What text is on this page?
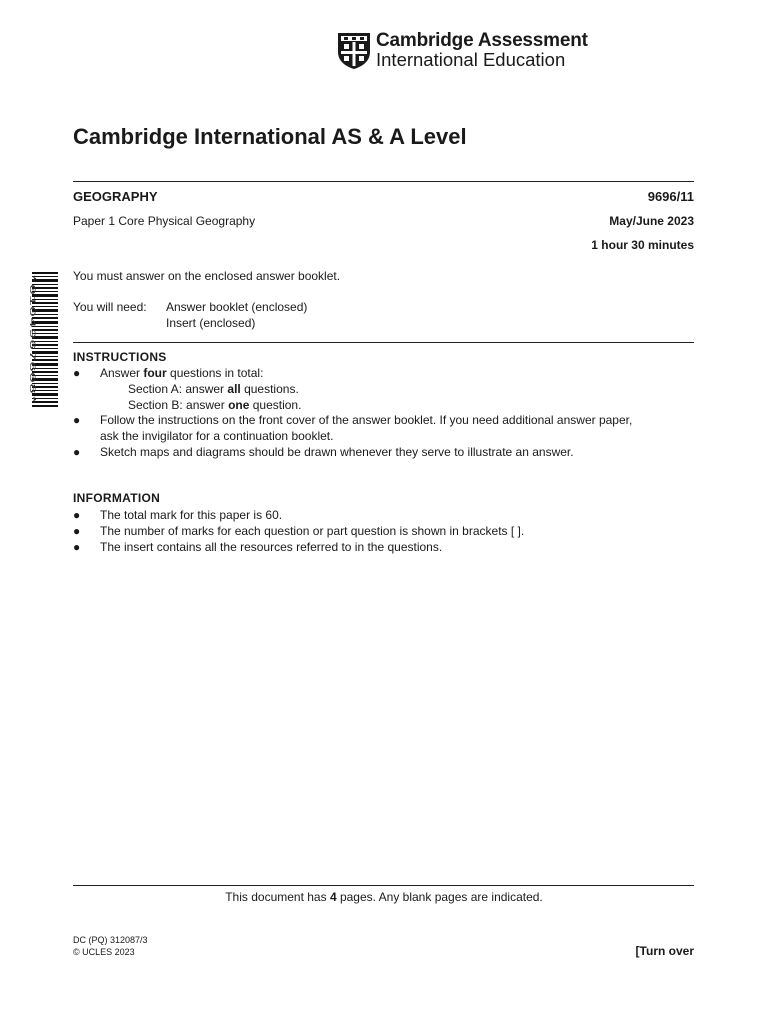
Cambridge Assessment
International Education
Cambridge International AS & A Level
GEOGRAPHY	9696/11
Paper 1 Core Physical Geography	May/June 2023
1 hour 30 minutes
*0104967608*	You must answer on the enclosed answer booklet.
You will need: Answer booklet (enclosed)
Insert (enclosed)
INSTRUCTIONS
● Answer four questions in total:
Section A: answer all questions.
Section B: answer one question.
● Follow the instructions on the front cover of the answer booklet. If you need additional answer paper,
ask the invigilator for a continuation booklet.
● Sketch maps and diagrams should be drawn whenever they serve to illustrate an answer.
INFORMATION
● The total mark for this paper is 60.
● The number of marks for each question or part question is shown in brackets [ ].
● The insert contains all the resources referred to in the questions.
This document has 4 pages. Any blank pages are indicated.
DC (PQ) 312087/3
© UCLES 2023	[Turn over
